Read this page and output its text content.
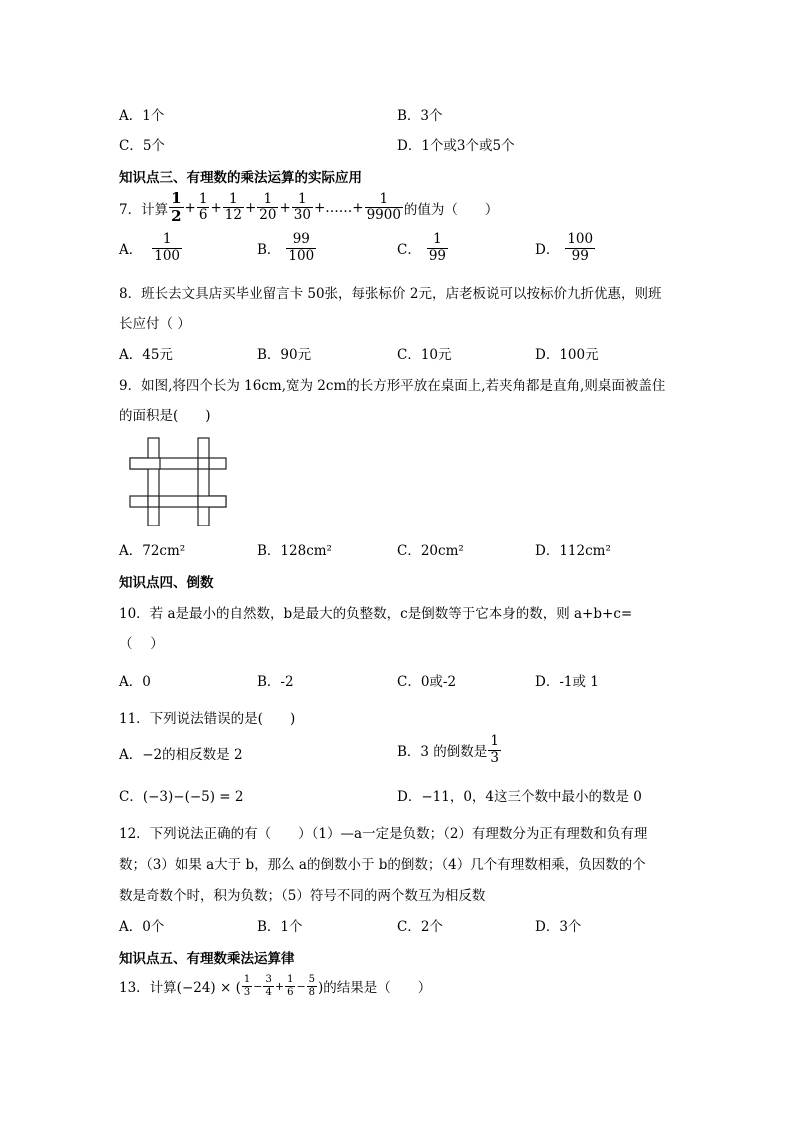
A．1个	B．3个
C．5个	D．1个或3个或5个
知识点三、有理数的乘法运算的实际应用
7．计算 $\frac{1}{2} + \frac{1}{6} + \frac{1}{12} + \frac{1}{20} + \frac{1}{30}$ +……+ $\frac{1}{9900}$ 的值为（　　）
A． $\frac{1}{100}$	B． $\frac{99}{100}$	C． $\frac{1}{99}$	D． $\frac{100}{99}$
8．班长去文具店买毕业留言卡 50张，每张标价 2元，店老板说可以按标价九折优惠，则班
长应付（ ）
A．45元	B．90元	C．10元	D．100元
9．如图,将四个长为 16cm,宽为 2cm的长方形平放在桌面上,若夹角都是直角,则桌面被盖住
的面积是(　　)
A．72cm²	B．128cm²	C．20cm²	D．112cm²
知识点四、倒数
10．若 a是最小的自然数，b是最大的负整数，c是倒数等于它本身的数，则 a+b+c=
（　 ）
A．0	B．-2	C．0或-2	D．-1或 1
11．下列说法错误的是(　　)
A．−2的相反数是 2	B．3 的倒数是 $\frac{1}{3}$
C．(−3)−(−5) = 2	D．−11，0，4这三个数中最小的数是 0
12．下列说法正确的有（　　）（1）—a一定是负数；（2）有理数分为正有理数和负有理
数；（3）如果 a大于 b，那么 a的倒数小于 b的倒数；（4）几个有理数相乘，负因数的个
数是奇数个时，积为负数；（5）符号不同的两个数互为相反数
A．0个	B．1个	C．2个	D．3个
知识点五、有理数乘法运算律
13．计算(−24) × ( $\frac{1}{3} - \frac{3}{4} + \frac{1}{6} - \frac{5}{8}$ )的结果是（　　）
